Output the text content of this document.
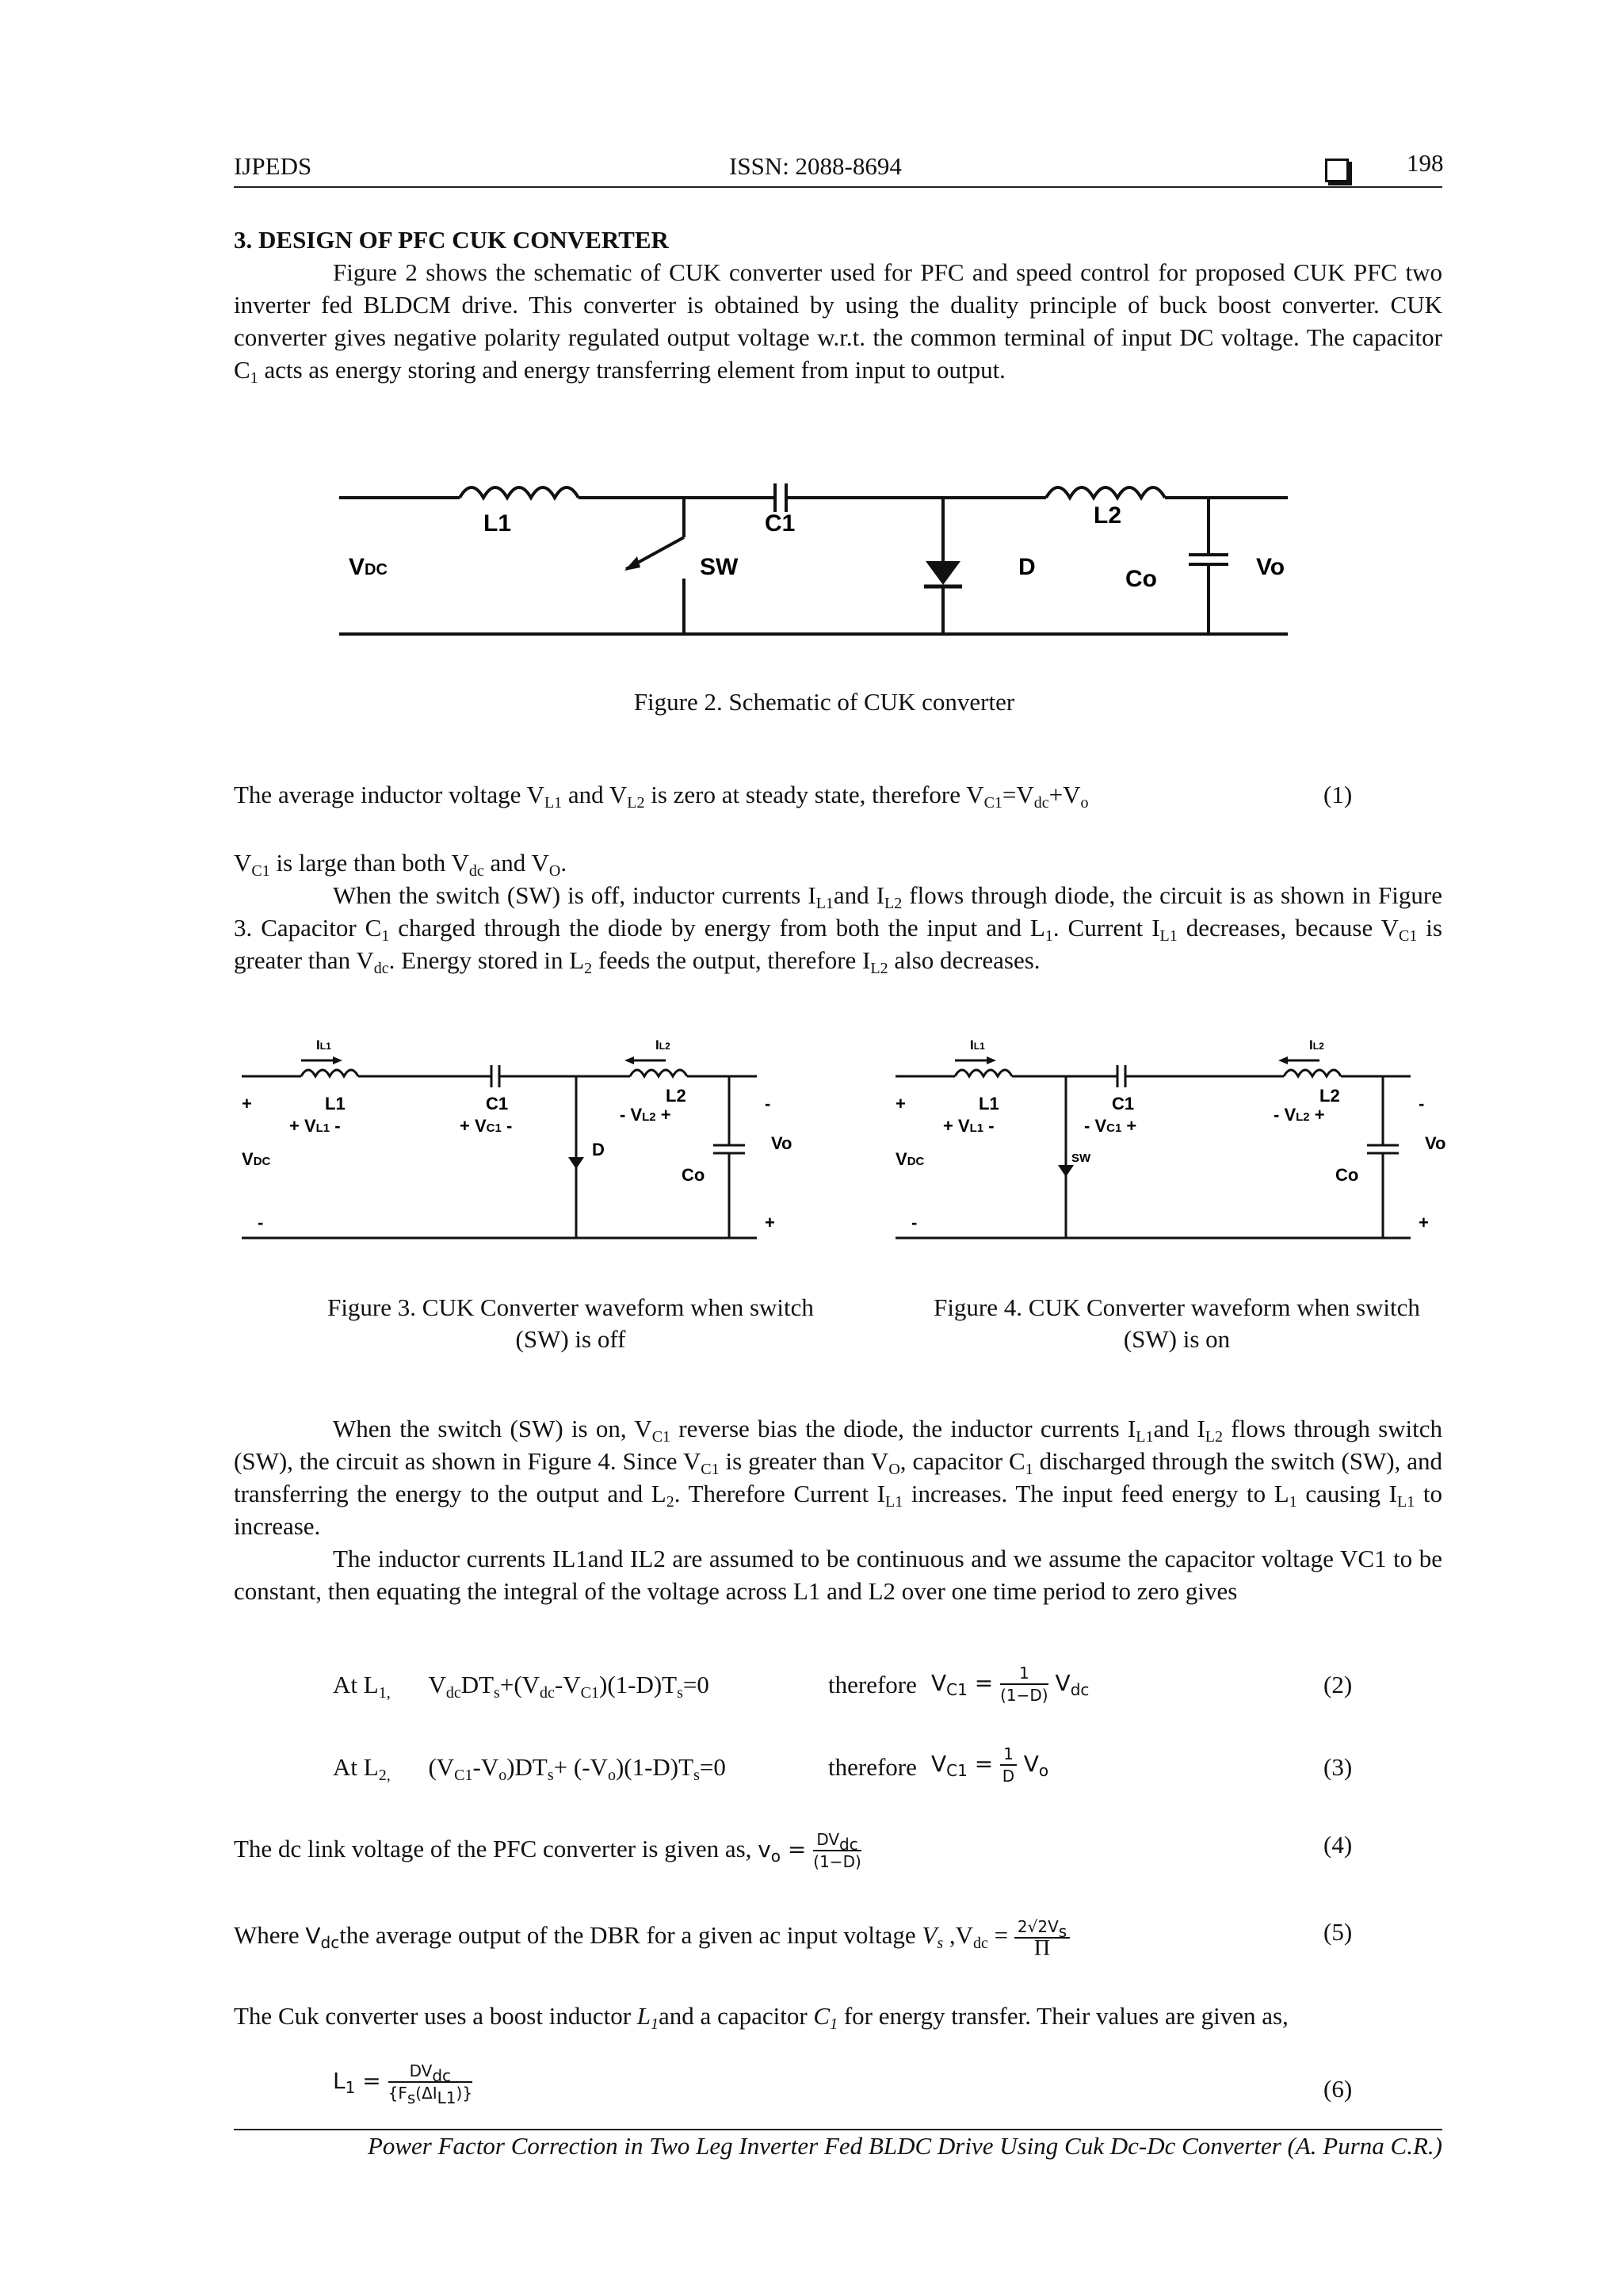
IJPEDS	ISSN: 2088-8694	198

3. DESIGN OF PFC CUK CONVERTER

Figure 2 shows the schematic of CUK converter used for PFC and speed control for proposed CUK PFC two inverter fed BLDCM drive. This converter is obtained by using the duality principle of buck boost converter. CUK converter gives negative polarity regulated output voltage w.r.t. the common terminal of input DC voltage. The capacitor $C_1$ acts as energy storing and energy transferring element from input to output.

L1	C1	L2
VDC	SW	D	Co	Vo
Figure 2. Schematic of CUK converter
The average inductor voltage $V_{L1}$ and $V_{L2}$ is zero at steady state, therefore $V_{C1}=V_{dc}+V_o$	(1)

$V_{C1}$ is large than both $V_{dc}$ and $V_O$.

When the switch (SW) is off, inductor currents $I_{L1}and$ $I_{L2}$ flows through diode, the circuit is as shown in Figure 3. Capacitor $C_1$ charged through the diode by energy from both the input and $L_1$. Current $I_{L1}$ decreases, because $V_{C1}$ is greater than $V_{dc}$. Energy stored in $L_2$ feeds the output, therefore $I_{L2}$ also decreases.

IL1	IL2
+	L1
+ VL1 -
C1
+ VC1 -
L2
- VL2 +
D
Co
Vo
-
VDC
-	+
Figure 3. CUK Converter waveform when switch
(SW) is off
IL1	IL2
+	L1
+ VL1 -
C1
- VC1 +
L2
- VL2 +
SW
Co
Vo
-
VDC
-	+
Figure 4. CUK Converter waveform when switch
(SW) is on

When the switch (SW) is on, $V_{C1}$ reverse bias the diode, the inductor currents $I_{L1}and$ $I_{L2}$ flows through switch (SW), the circuit as shown in Figure 4. Since $V_{C1}$ is greater than $V_O$, capacitor $C_1$ discharged through the switch (SW), and transferring the energy to the output and $L_2$. Therefore Current $I_{L1}$ increases. The input feed energy to $L_1$ causing $I_{L1}$ to increase.

The inductor currents IL1and IL2 are assumed to be continuous and we assume the capacitor voltage VC1 to be constant, then equating the integral of the voltage across L1 and L2 over one time period to zero gives

At $L_{1,}$ $V_{dc}DT_s+(V_{dc}-V_{C1})(1-D)T_s=0$	therefore $V_{C1} = \frac{1}{(1-D)} V_{dc}$	(2)
At $L_{2,}$ $(V_{C1}-V_o)DT_s+ (-V_o)(1-D)T_s=0$	therefore $V_{C1} = \frac{1}{D} V_o$	(3)
The dc link voltage of the PFC converter is given as, $v_o = \frac{DV_{dc}}{(1-D)}$	(4)
Where $V_{dc}the$ average output of the DBR for a given ac input voltage $V_s$ $,V_{dc} = \frac{2√2V_s}{\Pi}$	(5)
The Cuk converter uses a boost inductor $L_1and$ a capacitor $C_1$ for energy transfer. Their values are given as,
$L_1 = \frac{DV_{dc}}{\{F_s(\Delta I_{L1})\}}$	(6)
Power Factor Correction in Two Leg Inverter Fed BLDC Drive Using Cuk Dc-Dc Converter (A. Purna C.R.)
